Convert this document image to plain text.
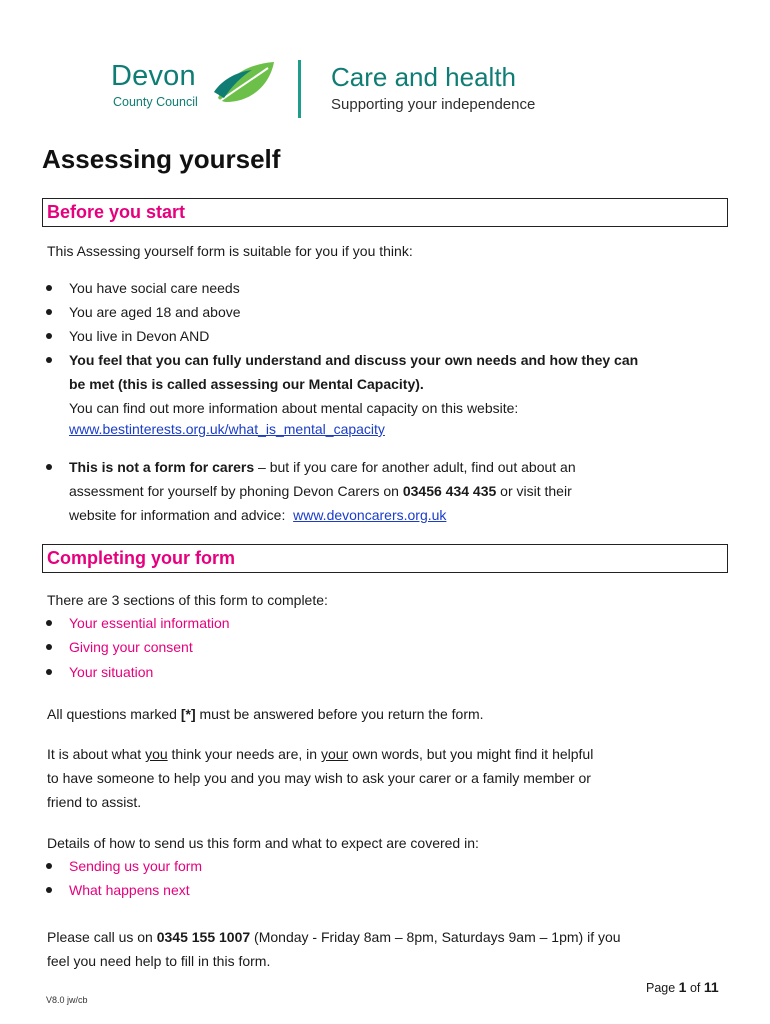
Devon
County Council
Care and health
Supporting your independence
Assessing yourself
Before you start
This Assessing yourself form is suitable for you if you think:
You have social care needs
You are aged 18 and above
You live in Devon AND
You feel that you can fully understand and discuss your own needs and how they can
be met (this is called assessing our Mental Capacity).
You can find out more information about mental capacity on this website:
www.bestinterests.org.uk/what_is_mental_capacity
This is not a form for carers – but if you care for another adult, find out about an
assessment for yourself by phoning Devon Carers on 03456 434 435 or visit their
website for information and advice:  www.devoncarers.org.uk
Completing your form
There are 3 sections of this form to complete:
Your essential information
Giving your consent
Your situation
All questions marked [*] must be answered before you return the form.
It is about what you think your needs are, in your own words, but you might find it helpful
to have someone to help you and you may wish to ask your carer or a family member or
friend to assist.
Details of how to send us this form and what to expect are covered in:
Sending us your form
What happens next
Please call us on 0345 155 1007 (Monday - Friday 8am – 8pm, Saturdays 9am – 1pm) if you
feel you need help to fill in this form.
Page 1 of 11
V8.0 jw/cb
